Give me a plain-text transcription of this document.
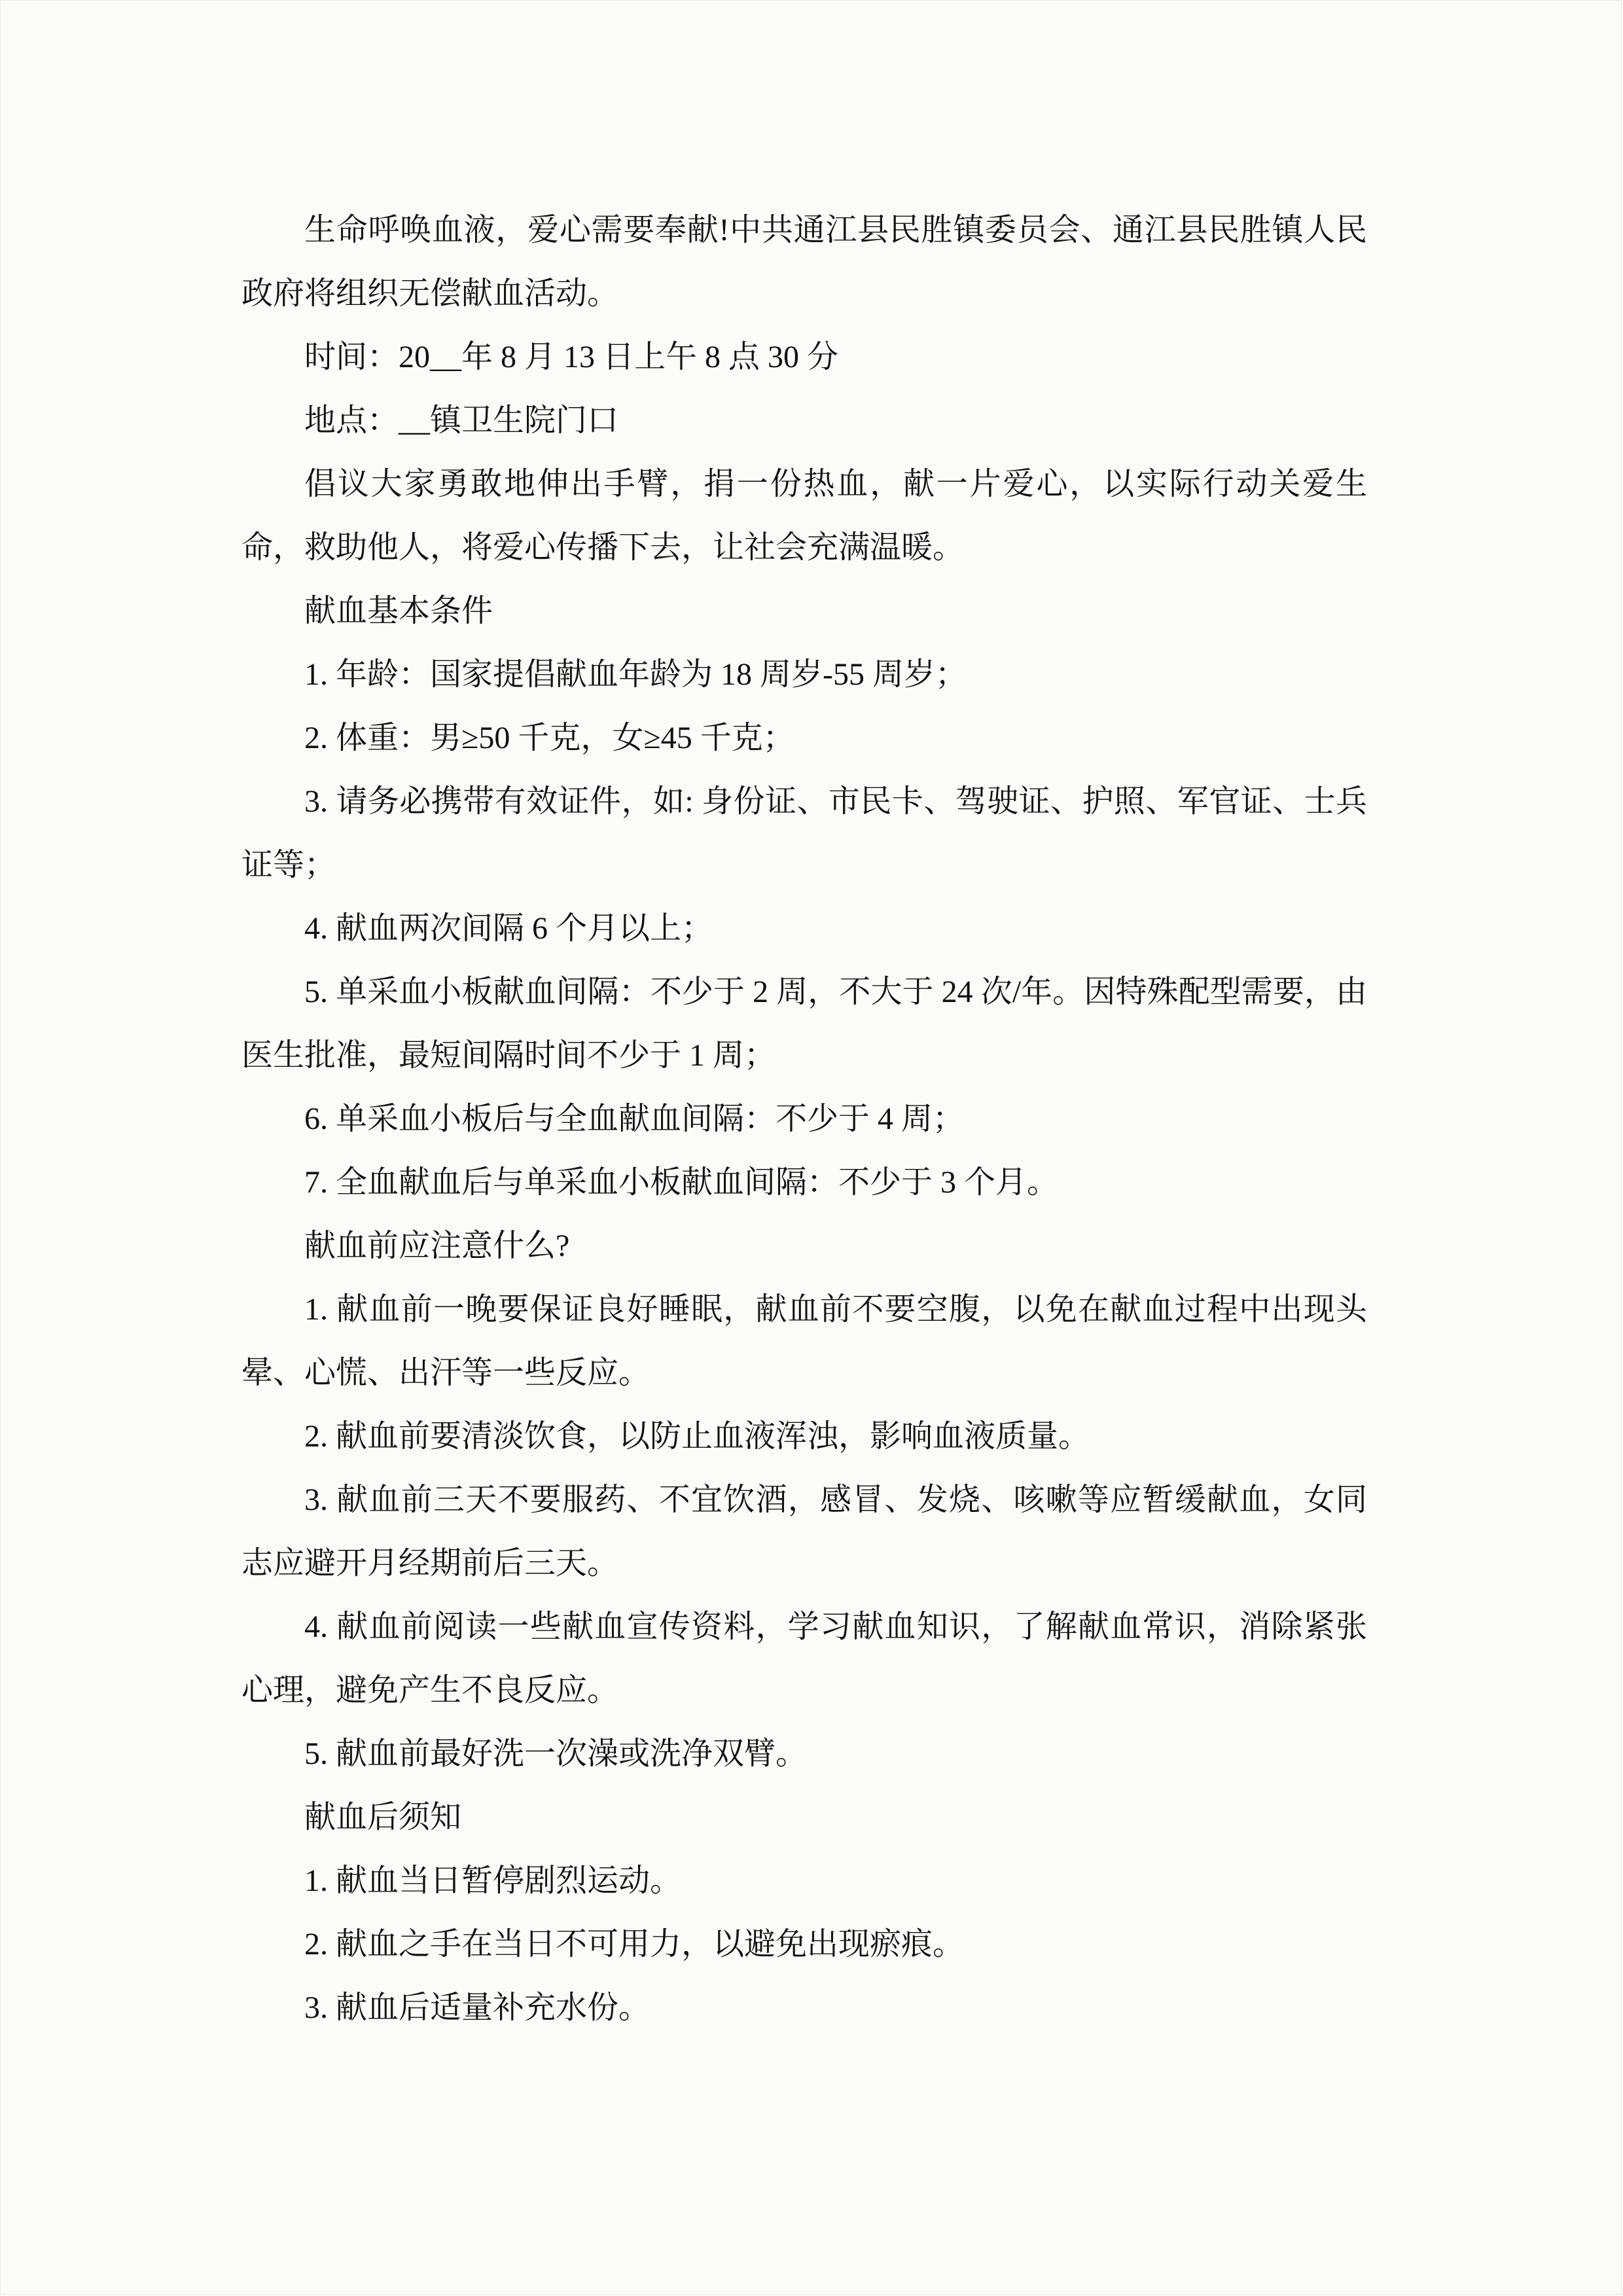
生命呼唤血液，爱心需要奉献!中共通江县民胜镇委员会、通江县民胜镇人民政府将组织无偿献血活动。

时间：20__年 8 月 13 日上午 8 点 30 分

地点：__镇卫生院门口

倡议大家勇敢地伸出手臂，捐一份热血，献一片爱心，以实际行动关爱生命，救助他人，将爱心传播下去，让社会充满温暖。

献血基本条件

1. 年龄：国家提倡献血年龄为 18 周岁-55 周岁；

2. 体重：男≥50 千克，女≥45 千克；

3. 请务必携带有效证件，如: 身份证、市民卡、驾驶证、护照、军官证、士兵证等；

4. 献血两次间隔 6 个月以上；

5. 单采血小板献血间隔：不少于 2 周，不大于 24 次/年。因特殊配型需要，由医生批准，最短间隔时间不少于 1 周；

6. 单采血小板后与全血献血间隔：不少于 4 周；

7. 全血献血后与单采血小板献血间隔：不少于 3 个月。

献血前应注意什么?

1. 献血前一晚要保证良好睡眠，献血前不要空腹，以免在献血过程中出现头晕、心慌、出汗等一些反应。

2. 献血前要清淡饮食，以防止血液浑浊，影响血液质量。

3. 献血前三天不要服药、不宜饮酒，感冒、发烧、咳嗽等应暂缓献血，女同志应避开月经期前后三天。

4. 献血前阅读一些献血宣传资料，学习献血知识，了解献血常识，消除紧张心理，避免产生不良反应。

5. 献血前最好洗一次澡或洗净双臂。

献血后须知

1. 献血当日暂停剧烈运动。

2. 献血之手在当日不可用力，以避免出现瘀痕。

3. 献血后适量补充水份。
